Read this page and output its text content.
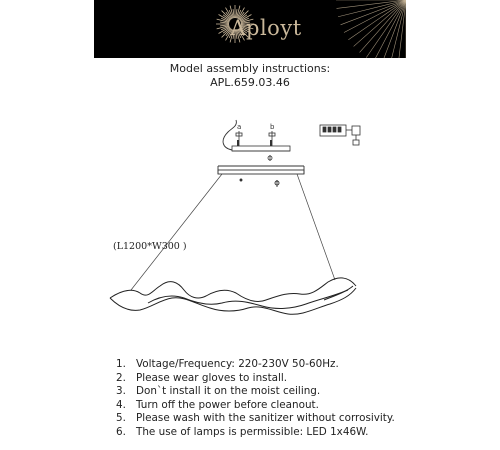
Aployt
Model assembly instructions:
APL.659.03.46
a	b
(L1200*W300 )
1. Voltage/Frequency: 220-230V 50-60Hz.
2. Please wear gloves to install.
3. Don`t install it on the moist ceiling.
4. Turn off the power before cleanout.
5. Please wash with the sanitizer without corrosivity.
6. The use of lamps is permissible: LED 1x46W.
